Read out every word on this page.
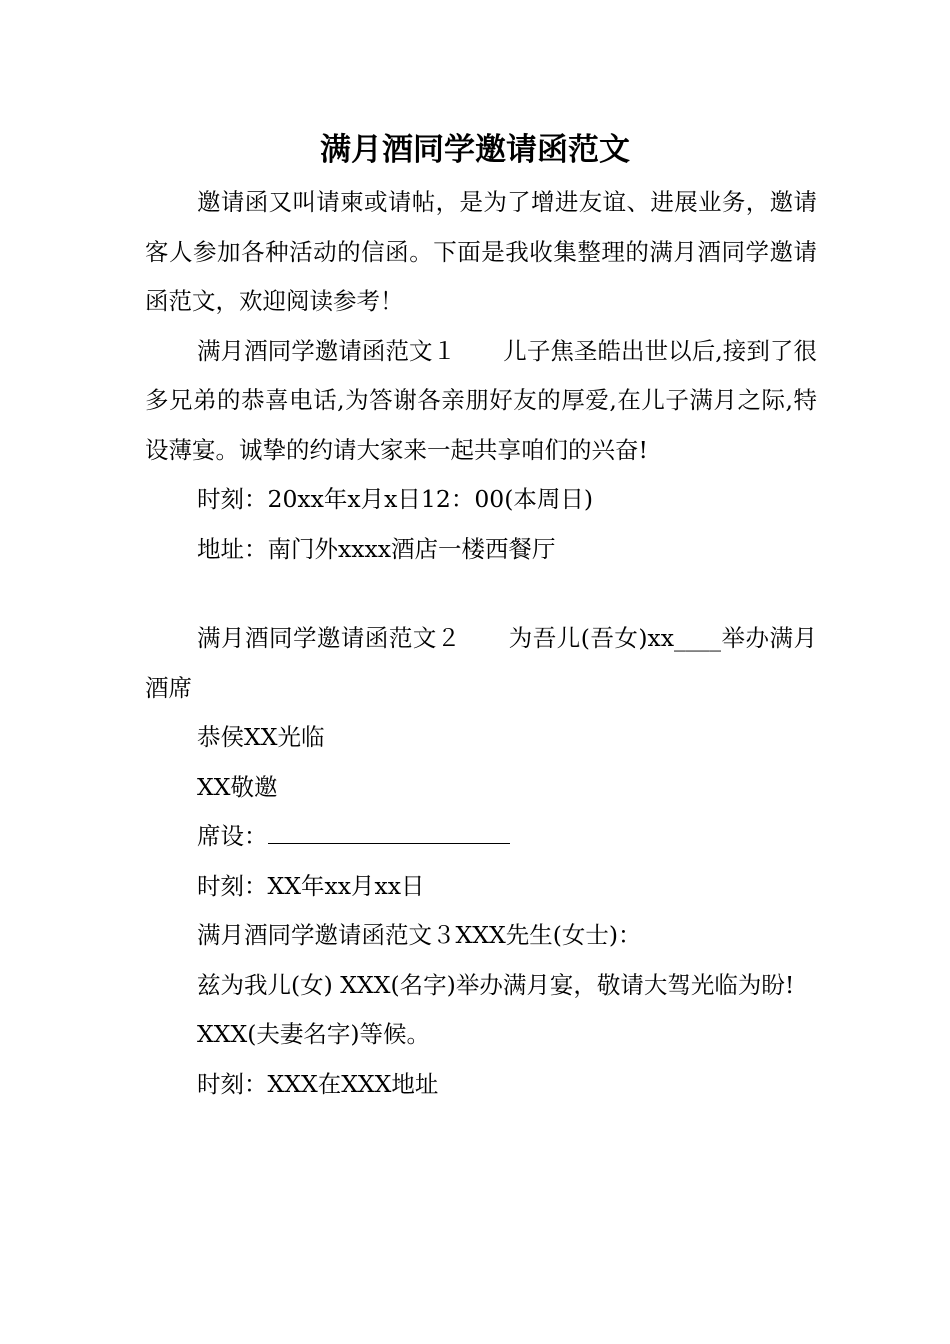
满月酒同学邀请函范文

邀请函又叫请柬或请帖，是为了增进友谊、进展业务，邀请客人参加各种活动的信函。下面是我收集整理的满月酒同学邀请函范文，欢迎阅读参考！

满月酒同学邀请函范文１　　儿子焦圣皓出世以后,接到了很多兄弟的恭喜电话,为答谢各亲朋好友的厚爱,在儿子满月之际,特设薄宴。诚挚的约请大家来一起共享咱们的兴奋!

时刻：20xx年x月x日12：00(本周日)

地址：南门外xxxx酒店一楼西餐厅

满月酒同学邀请函范文２　　为吾儿(吾女)xx____举办满月酒席

恭侯XX光临

XX敬邀

席设：

时刻：XX年xx月xx日

满月酒同学邀请函范文３XXX先生(女士)：

兹为我儿(女) XXX(名字)举办满月宴，敬请大驾光临为盼!

XXX(夫妻名字)等候。

时刻：XXX在XXX地址
